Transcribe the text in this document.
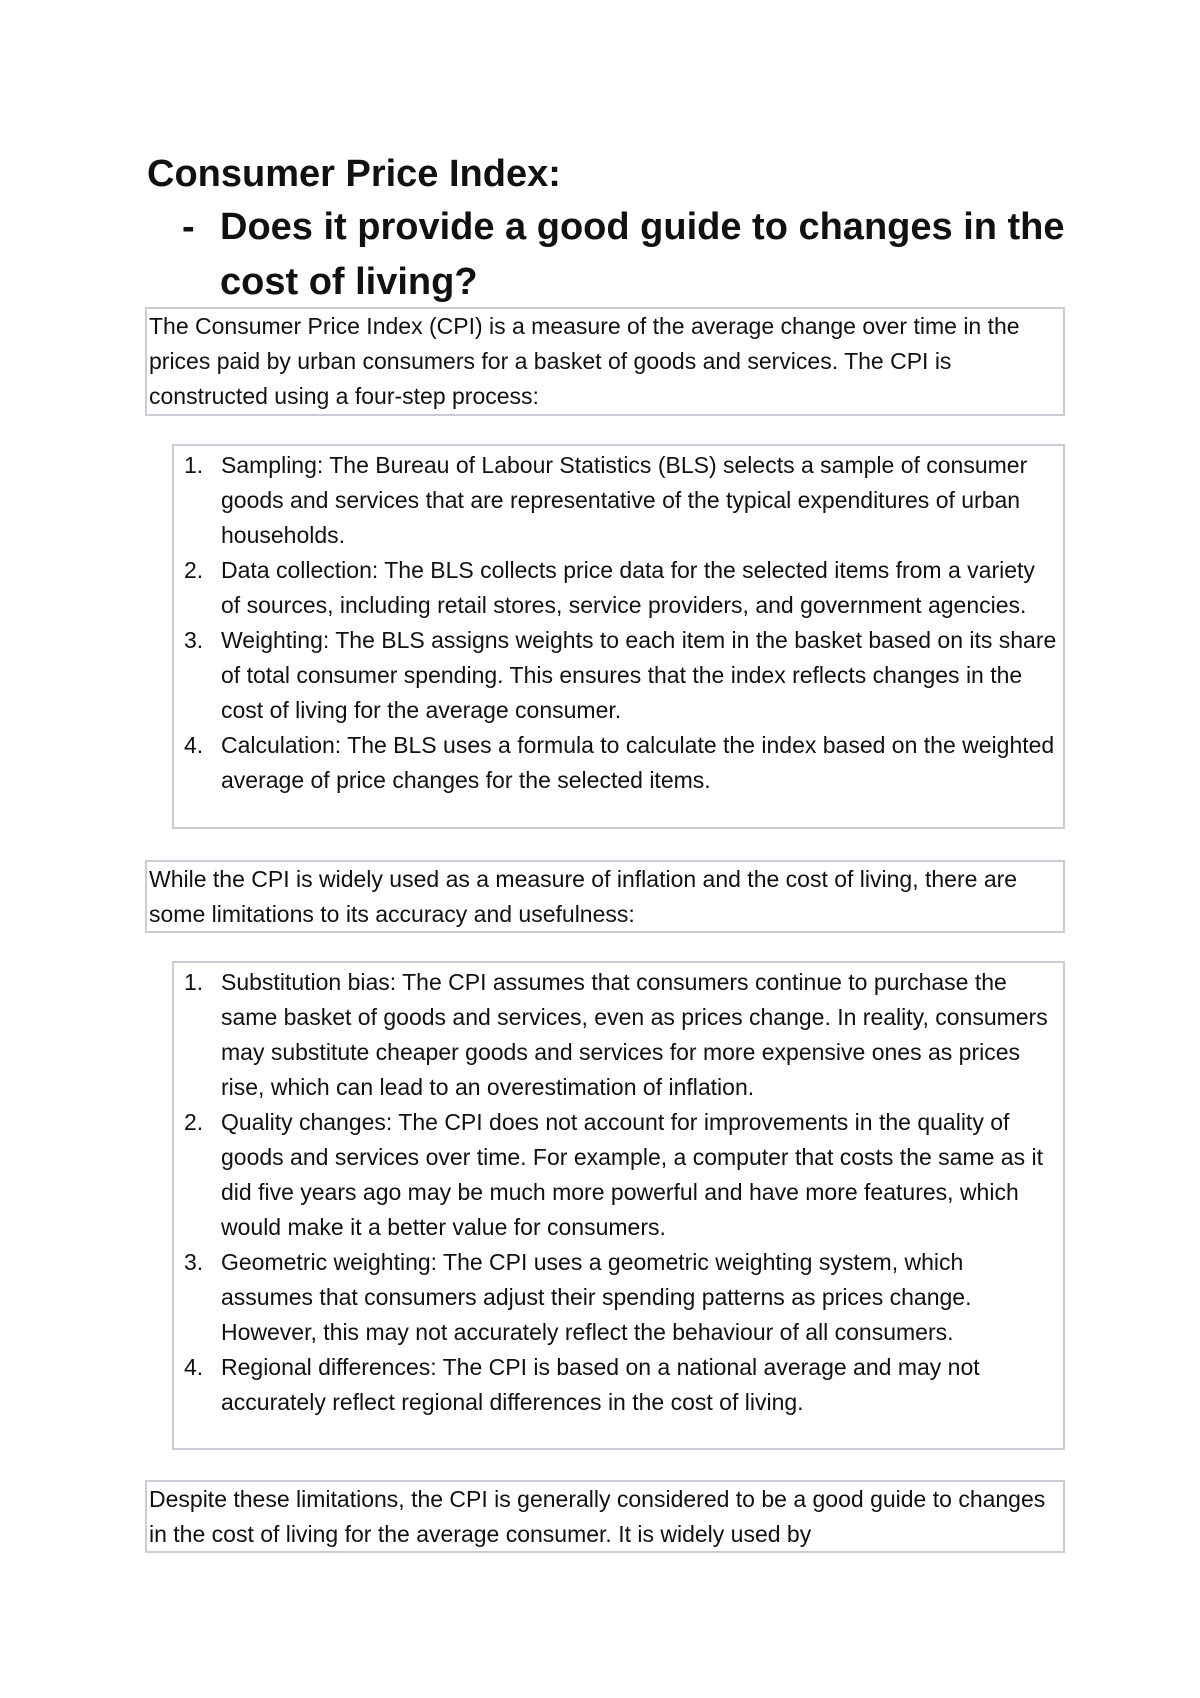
Consumer Price Index:
- Does it provide a good guide to changes in the cost of living?

The Consumer Price Index (CPI) is a measure of the average change over time in the prices paid by urban consumers for a basket of goods and services. The CPI is constructed using a four-step process:

1. Sampling: The Bureau of Labour Statistics (BLS) selects a sample of consumer goods and services that are representative of the typical expenditures of urban households.
2. Data collection: The BLS collects price data for the selected items from a variety of sources, including retail stores, service providers, and government agencies.
3. Weighting: The BLS assigns weights to each item in the basket based on its share of total consumer spending. This ensures that the index reflects changes in the cost of living for the average consumer.
4. Calculation: The BLS uses a formula to calculate the index based on the weighted average of price changes for the selected items.

While the CPI is widely used as a measure of inflation and the cost of living, there are some limitations to its accuracy and usefulness:

1. Substitution bias: The CPI assumes that consumers continue to purchase the same basket of goods and services, even as prices change. In reality, consumers may substitute cheaper goods and services for more expensive ones as prices rise, which can lead to an overestimation of inflation.
2. Quality changes: The CPI does not account for improvements in the quality of goods and services over time. For example, a computer that costs the same as it did five years ago may be much more powerful and have more features, which would make it a better value for consumers.
3. Geometric weighting: The CPI uses a geometric weighting system, which assumes that consumers adjust their spending patterns as prices change. However, this may not accurately reflect the behaviour of all consumers.
4. Regional differences: The CPI is based on a national average and may not accurately reflect regional differences in the cost of living.

Despite these limitations, the CPI is generally considered to be a good guide to changes in the cost of living for the average consumer. It is widely used by
